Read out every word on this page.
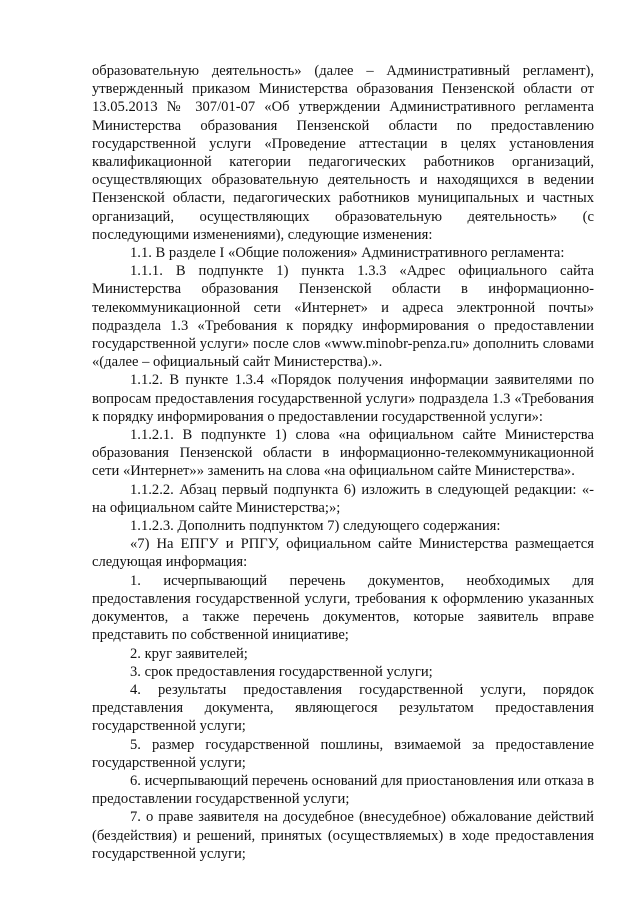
образовательную деятельность» (далее – Административный регламент), утвержденный приказом Министерства образования Пензенской области от 13.05.2013 № 307/01-07 «Об утверждении Административного регламента Министерства образования Пензенской области по предоставлению государственной услуги «Проведение аттестации в целях установления квалификационной категории педагогических работников организаций, осуществляющих образовательную деятельность и находящихся в ведении Пензенской области, педагогических работников муниципальных и частных организаций, осуществляющих образовательную деятельность» (с последующими изменениями), следующие изменения:

1.1. В разделе I «Общие положения» Административного регламента:

1.1.1. В подпункте 1) пункта 1.3.3 «Адрес официального сайта Министерства образования Пензенской области в информационно-телекоммуникационной сети «Интернет» и адреса электронной почты» подраздела 1.3 «Требования к порядку информирования о предоставлении государственной услуги» после слов «www.minobr-penza.ru» дополнить словами «(далее – официальный сайт Министерства).».

1.1.2. В пункте 1.3.4 «Порядок получения информации заявителями по вопросам предоставления государственной услуги» подраздела 1.3 «Требования к порядку информирования о предоставлении государственной услуги»:

1.1.2.1. В подпункте 1) слова «на официальном сайте Министерства образования Пензенской области в информационно-телекоммуникационной сети «Интернет»» заменить на слова «на официальном сайте Министерства».

1.1.2.2. Абзац первый подпункта 6) изложить в следующей редакции: «- на официальном сайте Министерства;»;

1.1.2.3. Дополнить подпунктом 7) следующего содержания:

«7) На ЕПГУ и РПГУ, официальном сайте Министерства размещается следующая информация:

1. исчерпывающий перечень документов, необходимых для предоставления государственной услуги, требования к оформлению указанных документов, а также перечень документов, которые заявитель вправе представить по собственной инициативе;

2. круг заявителей;

3. срок предоставления государственной услуги;

4. результаты предоставления государственной услуги, порядок представления документа, являющегося результатом предоставления государственной услуги;

5. размер государственной пошлины, взимаемой за предоставление государственной услуги;

6. исчерпывающий перечень оснований для приостановления или отказа в предоставлении государственной услуги;

7. о праве заявителя на досудебное (внесудебное) обжалование действий (бездействия) и решений, принятых (осуществляемых) в ходе предоставления государственной услуги;
